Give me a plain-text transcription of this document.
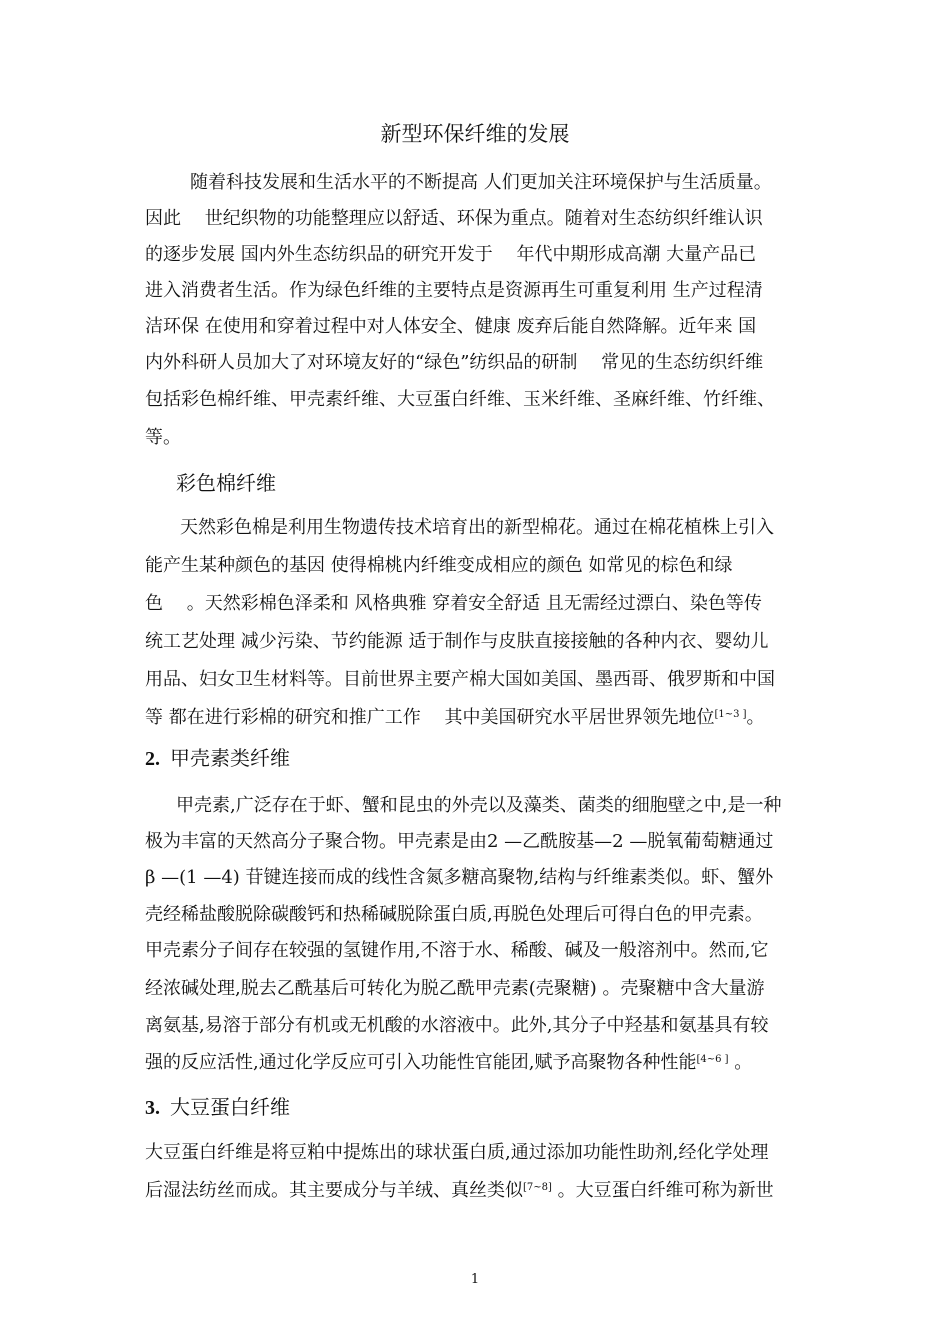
新型环保纤维的发展
随着科技发展和生活水平的不断提高 人们更加关注环境保护与生活质量。
因此 　世纪织物的功能整理应以舒适、环保为重点。随着对生态纺织纤维认识
的逐步发展 国内外生态纺织品的研究开发于 　年代中期形成高潮 大量产品已
进入消费者生活。作为绿色纤维的主要特点是资源再生可重复利用 生产过程清
洁环保 在使用和穿着过程中对人体安全、健康 废弃后能自然降解。近年来 国
内外科研人员加大了对环境友好的“绿色”纺织品的研制 　常见的生态纺织纤维
包括彩色棉纤维、甲壳素纤维、大豆蛋白纤维、玉米纤维、圣麻纤维、竹纤维、
等。
彩色棉纤维
天然彩色棉是利用生物遗传技术培育出的新型棉花。通过在棉花植株上引入
能产生某种颜色的基因 使得棉桃内纤维变成相应的颜色 如常见的棕色和绿
色 　。天然彩棉色泽柔和 风格典雅 穿着安全舒适 且无需经过漂白、染色等传
统工艺处理 减少污染、节约能源 适于制作与皮肤直接接触的各种内衣、婴幼儿
用品、妇女卫生材料等。目前世界主要产棉大国如美国、墨西哥、俄罗斯和中国
等 都在进行彩棉的研究和推广工作 　其中美国研究水平居世界领先地位[1~3 ]。
2. 甲壳素类纤维
甲壳素,广泛存在于虾、蟹和昆虫的外壳以及藻类、菌类的细胞壁之中,是一种
极为丰富的天然高分子聚合物。甲壳素是由2 —乙酰胺基—2 —脱氧葡萄糖通过
β —(1 —4) 苷键连接而成的线性含氮多糖高聚物,结构与纤维素类似。虾、蟹外
壳经稀盐酸脱除碳酸钙和热稀碱脱除蛋白质,再脱色处理后可得白色的甲壳素。
甲壳素分子间存在较强的氢键作用,不溶于水、稀酸、碱及一般溶剂中。然而,它
经浓碱处理,脱去乙酰基后可转化为脱乙酰甲壳素(壳聚糖) 。壳聚糖中含大量游
离氨基,易溶于部分有机或无机酸的水溶液中。此外,其分子中羟基和氨基具有较
强的反应活性,通过化学反应可引入功能性官能团,赋予高聚物各种性能[4~6 ] 。
3. 大豆蛋白纤维
大豆蛋白纤维是将豆粕中提炼出的球状蛋白质,通过添加功能性助剂,经化学处理
后湿法纺丝而成。其主要成分与羊绒、真丝类似[7~8] 。大豆蛋白纤维可称为新世
1
